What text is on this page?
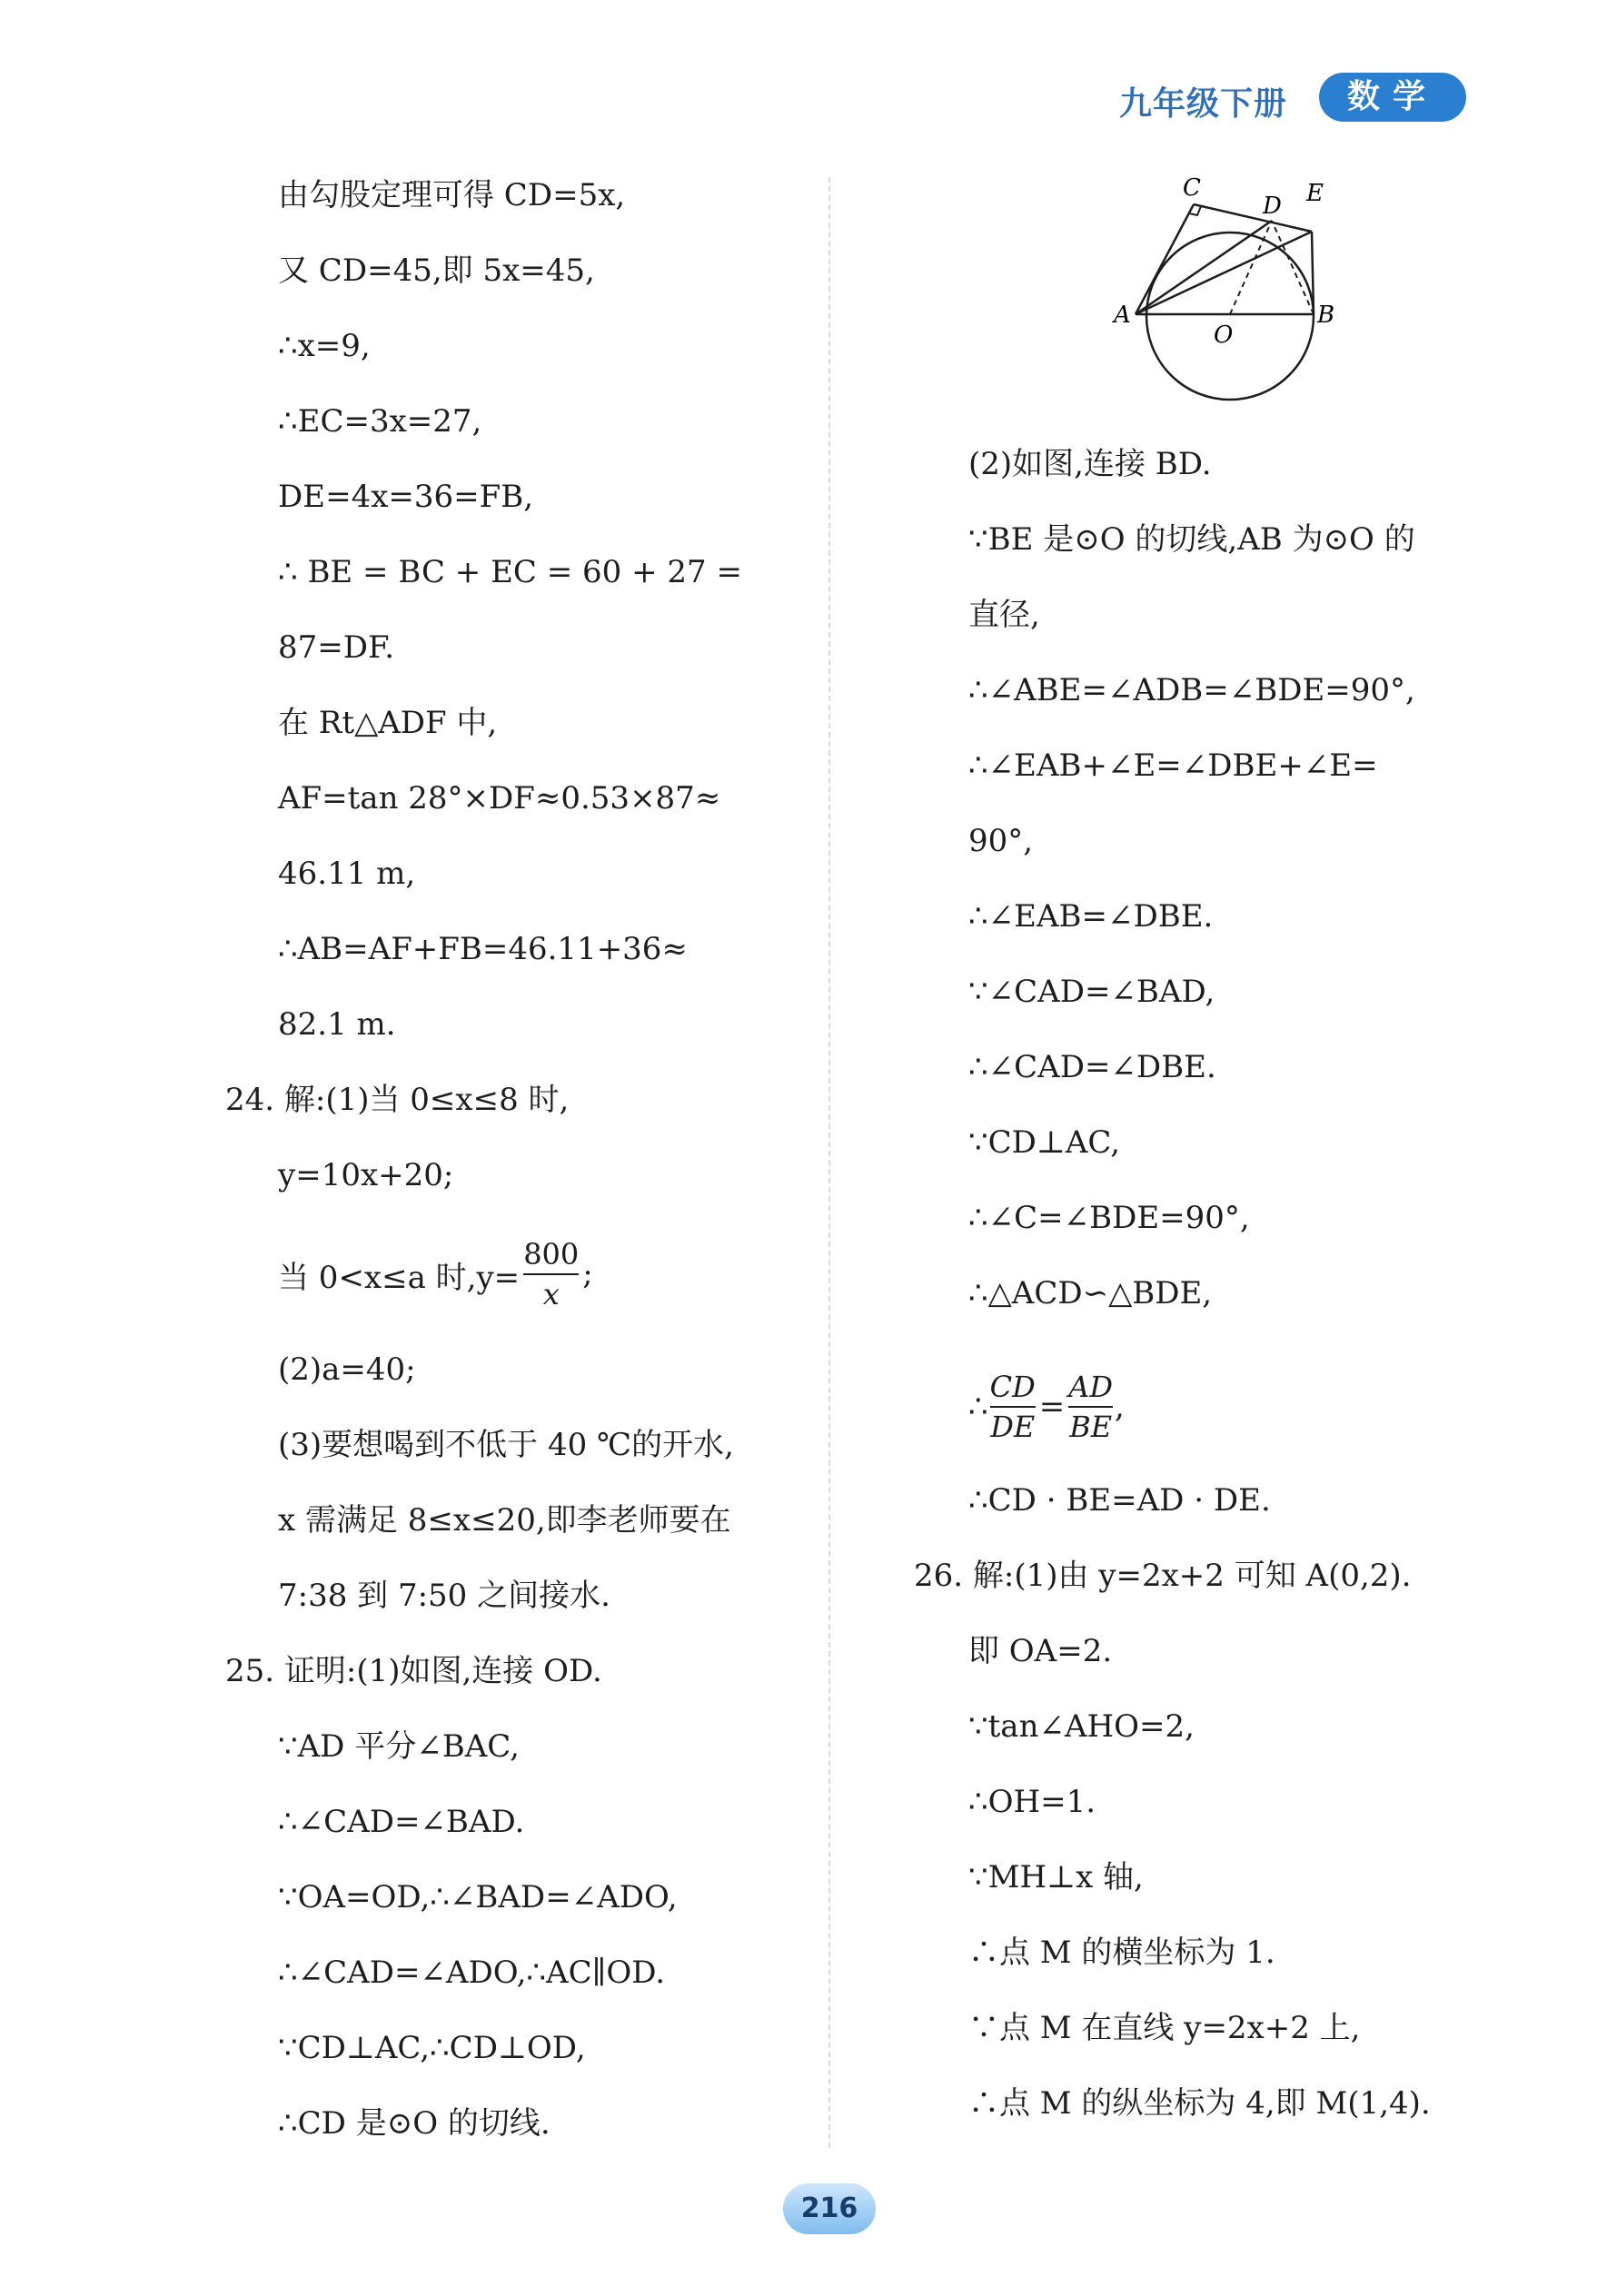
九年级下册	数学
C
D E
A	B
O
由勾股定理可得 CD=5x,
又 CD=45,即 5x=45,
∴x=9,
∴EC=3x=27,
DE=4x=36=FB,
∴ BE = BC + EC = 60 + 27 =
87=DF.
在 Rt△ADF 中,
AF=tan 28°×DF≈0.53×87≈
46.11 m,
∴AB=AF+FB=46.11+36≈
82.1 m.
24. 解:(1)当 0≤x≤8 时,
y=10x+20;
当 0<x≤a 时$,y= \frac{800}{x}$ ;
(2)a=40;
(3)要想喝到不低于 40 ℃的开水,
x 需满足 8≤x≤20,即李老师要在
7:38 到 7:50 之间接水.
25. 证明:(1)如图,连接 OD.
∵AD 平分∠BAC,
∴∠CAD=∠BAD.
∵OA=OD,∴∠BAD=∠ADO,
∴∠CAD=∠ADO,∴AC∥OD.
∵CD⊥AC,∴CD⊥OD,
∴CD 是⊙O 的切线.
(2)如图,连接 BD.
∵BE 是⊙O 的切线,AB 为⊙O 的
直径,
∴∠ABE=∠ADB=∠BDE=90°,
∴∠EAB+∠E=∠DBE+∠E=
90°,
∴∠EAB=∠DBE.
∵∠CAD=∠BAD,
∴∠CAD=∠DBE.
∵CD⊥AC,
∴∠C=∠BDE=90°,
∴△ACD∽△BDE,
∴ $\frac{CD}{DE} = \frac{AD}{BE}$ ,
∴CD · BE=AD · DE.
26. 解:(1)由 y=2x+2 可知 A(0,2).
即 OA=2.
∵tan∠AHO=2,
∴OH=1.
∵MH⊥x 轴,
∴点 M 的横坐标为 1.
∵点 M 在直线 y=2x+2 上,
∴点 M 的纵坐标为 4,即 M(1,4).
216
